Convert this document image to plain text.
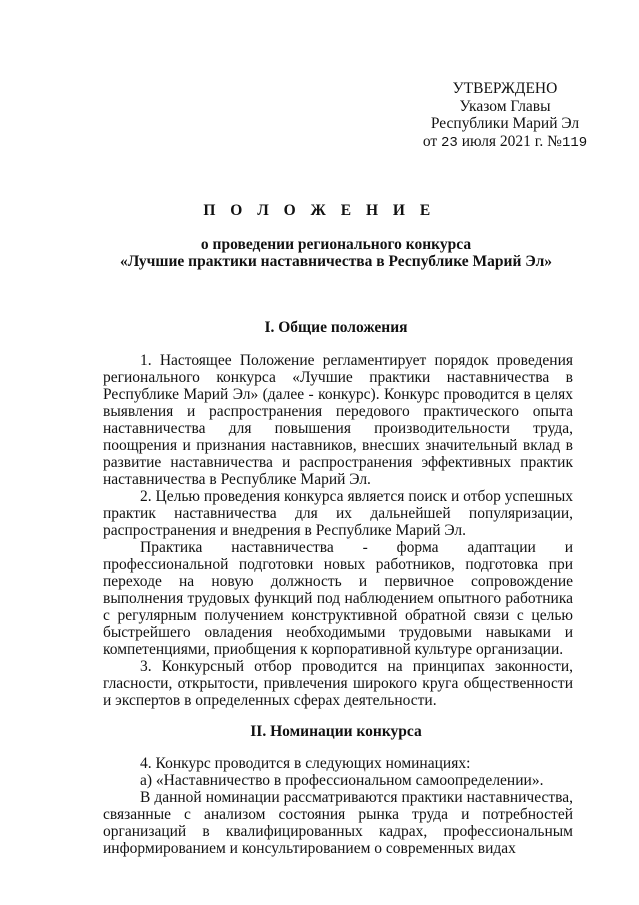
УТВЕРЖДЕНО
Указом Главы
Республики Марий Эл
от 23 июля 2021 г. №119
П О Л О Ж Е Н И Е
о проведении регионального конкурса
«Лучшие практики наставничества в Республике Марий Эл»
I. Общие положения
1. Настоящее Положение регламентирует порядок проведения регионального конкурса «Лучшие практики наставничества в Республике Марий Эл» (далее - конкурс). Конкурс проводится в целях выявления и распространения передового практического опыта наставничества для повышения производительности труда, поощрения и признания наставников, внесших значительный вклад в развитие наставничества и распространения эффективных практик наставничества в Республике Марий Эл.
2. Целью проведения конкурса является поиск и отбор успешных практик наставничества для их дальнейшей популяризации, распространения и внедрения в Республике Марий Эл.
Практика наставничества - форма адаптации и профессиональной подготовки новых работников, подготовка при переходе на новую должность и первичное сопровождение выполнения трудовых функций под наблюдением опытного работника с регулярным получением конструктивной обратной связи с целью быстрейшего овладения необходимыми трудовыми навыками и компетенциями, приобщения к корпоративной культуре организации.
3. Конкурсный отбор проводится на принципах законности, гласности, открытости, привлечения широкого круга общественности и экспертов в определенных сферах деятельности.
II. Номинации конкурса
4. Конкурс проводится в следующих номинациях:
а) «Наставничество в профессиональном самоопределении».
В данной номинации рассматриваются практики наставничества, связанные с анализом состояния рынка труда и потребностей организаций в квалифицированных кадрах, профессиональным информированием и консультированием о современных видах
